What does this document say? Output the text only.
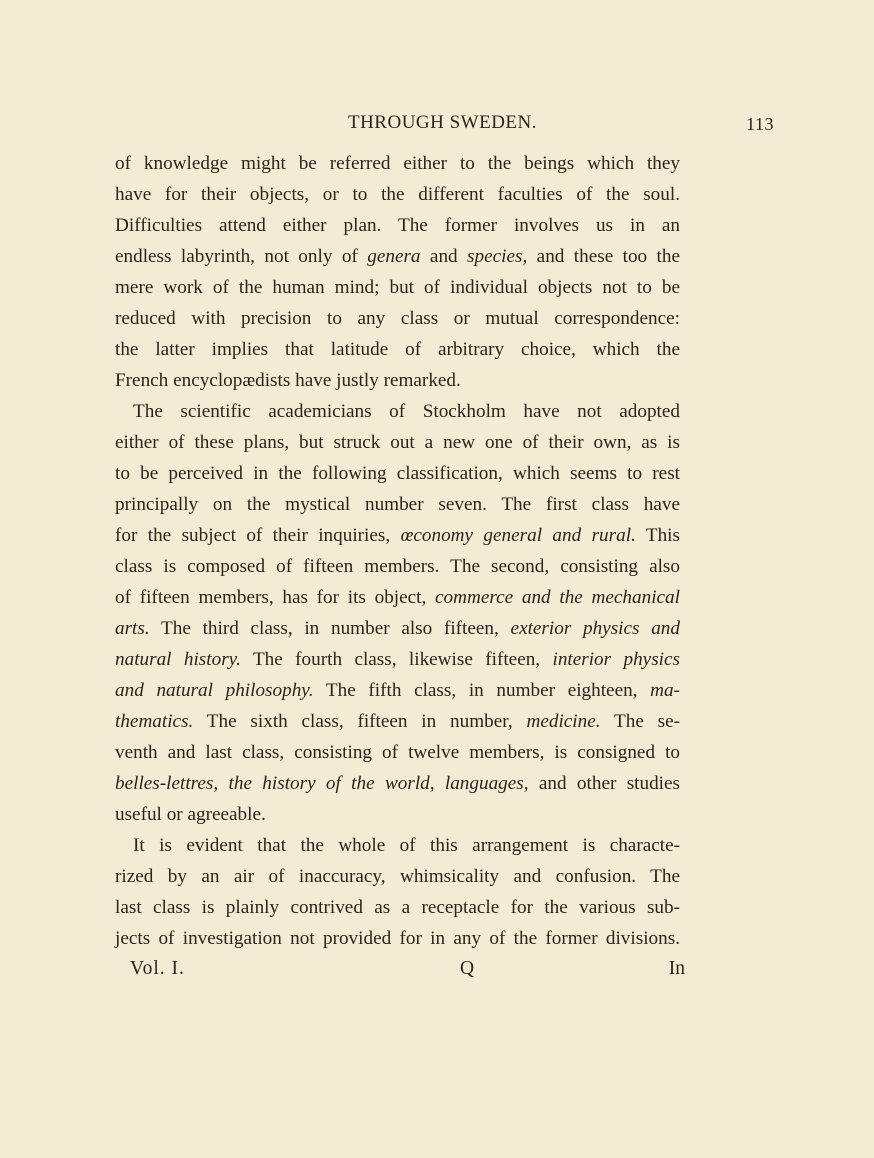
THROUGH SWEDEN.	113
of knowledge might be referred either to the beings which they
have for their objects, or to the different faculties of the soul.
Difficulties attend either plan. The former involves us in an
endless labyrinth, not only of genera and species, and these too the
mere work of the human mind; but of individual objects not to be
reduced with precision to any class or mutual correspondence:
the latter implies that latitude of arbitrary choice, which the
French encyclopædists have justly remarked.
The scientific academicians of Stockholm have not adopted
either of these plans, but struck out a new one of their own, as is
to be perceived in the following classification, which seems to rest
principally on the mystical number seven. The first class have
for the subject of their inquiries, œconomy general and rural. This
class is composed of fifteen members. The second, consisting also
of fifteen members, has for its object, commerce and the mechanical
arts. The third class, in number also fifteen, exterior physics and
natural history. The fourth class, likewise fifteen, interior physics
and natural philosophy. The fifth class, in number eighteen, ma-
thematics. The sixth class, fifteen in number, medicine. The se-
venth and last class, consisting of twelve members, is consigned to
belles-lettres, the history of the world, languages, and other studies
useful or agreeable.
It is evident that the whole of this arrangement is characte-
rized by an air of inaccuracy, whimsicality and confusion. The
last class is plainly contrived as a receptacle for the various sub-
jects of investigation not provided for in any of the former divisions.
Vol. I.	Q	In
